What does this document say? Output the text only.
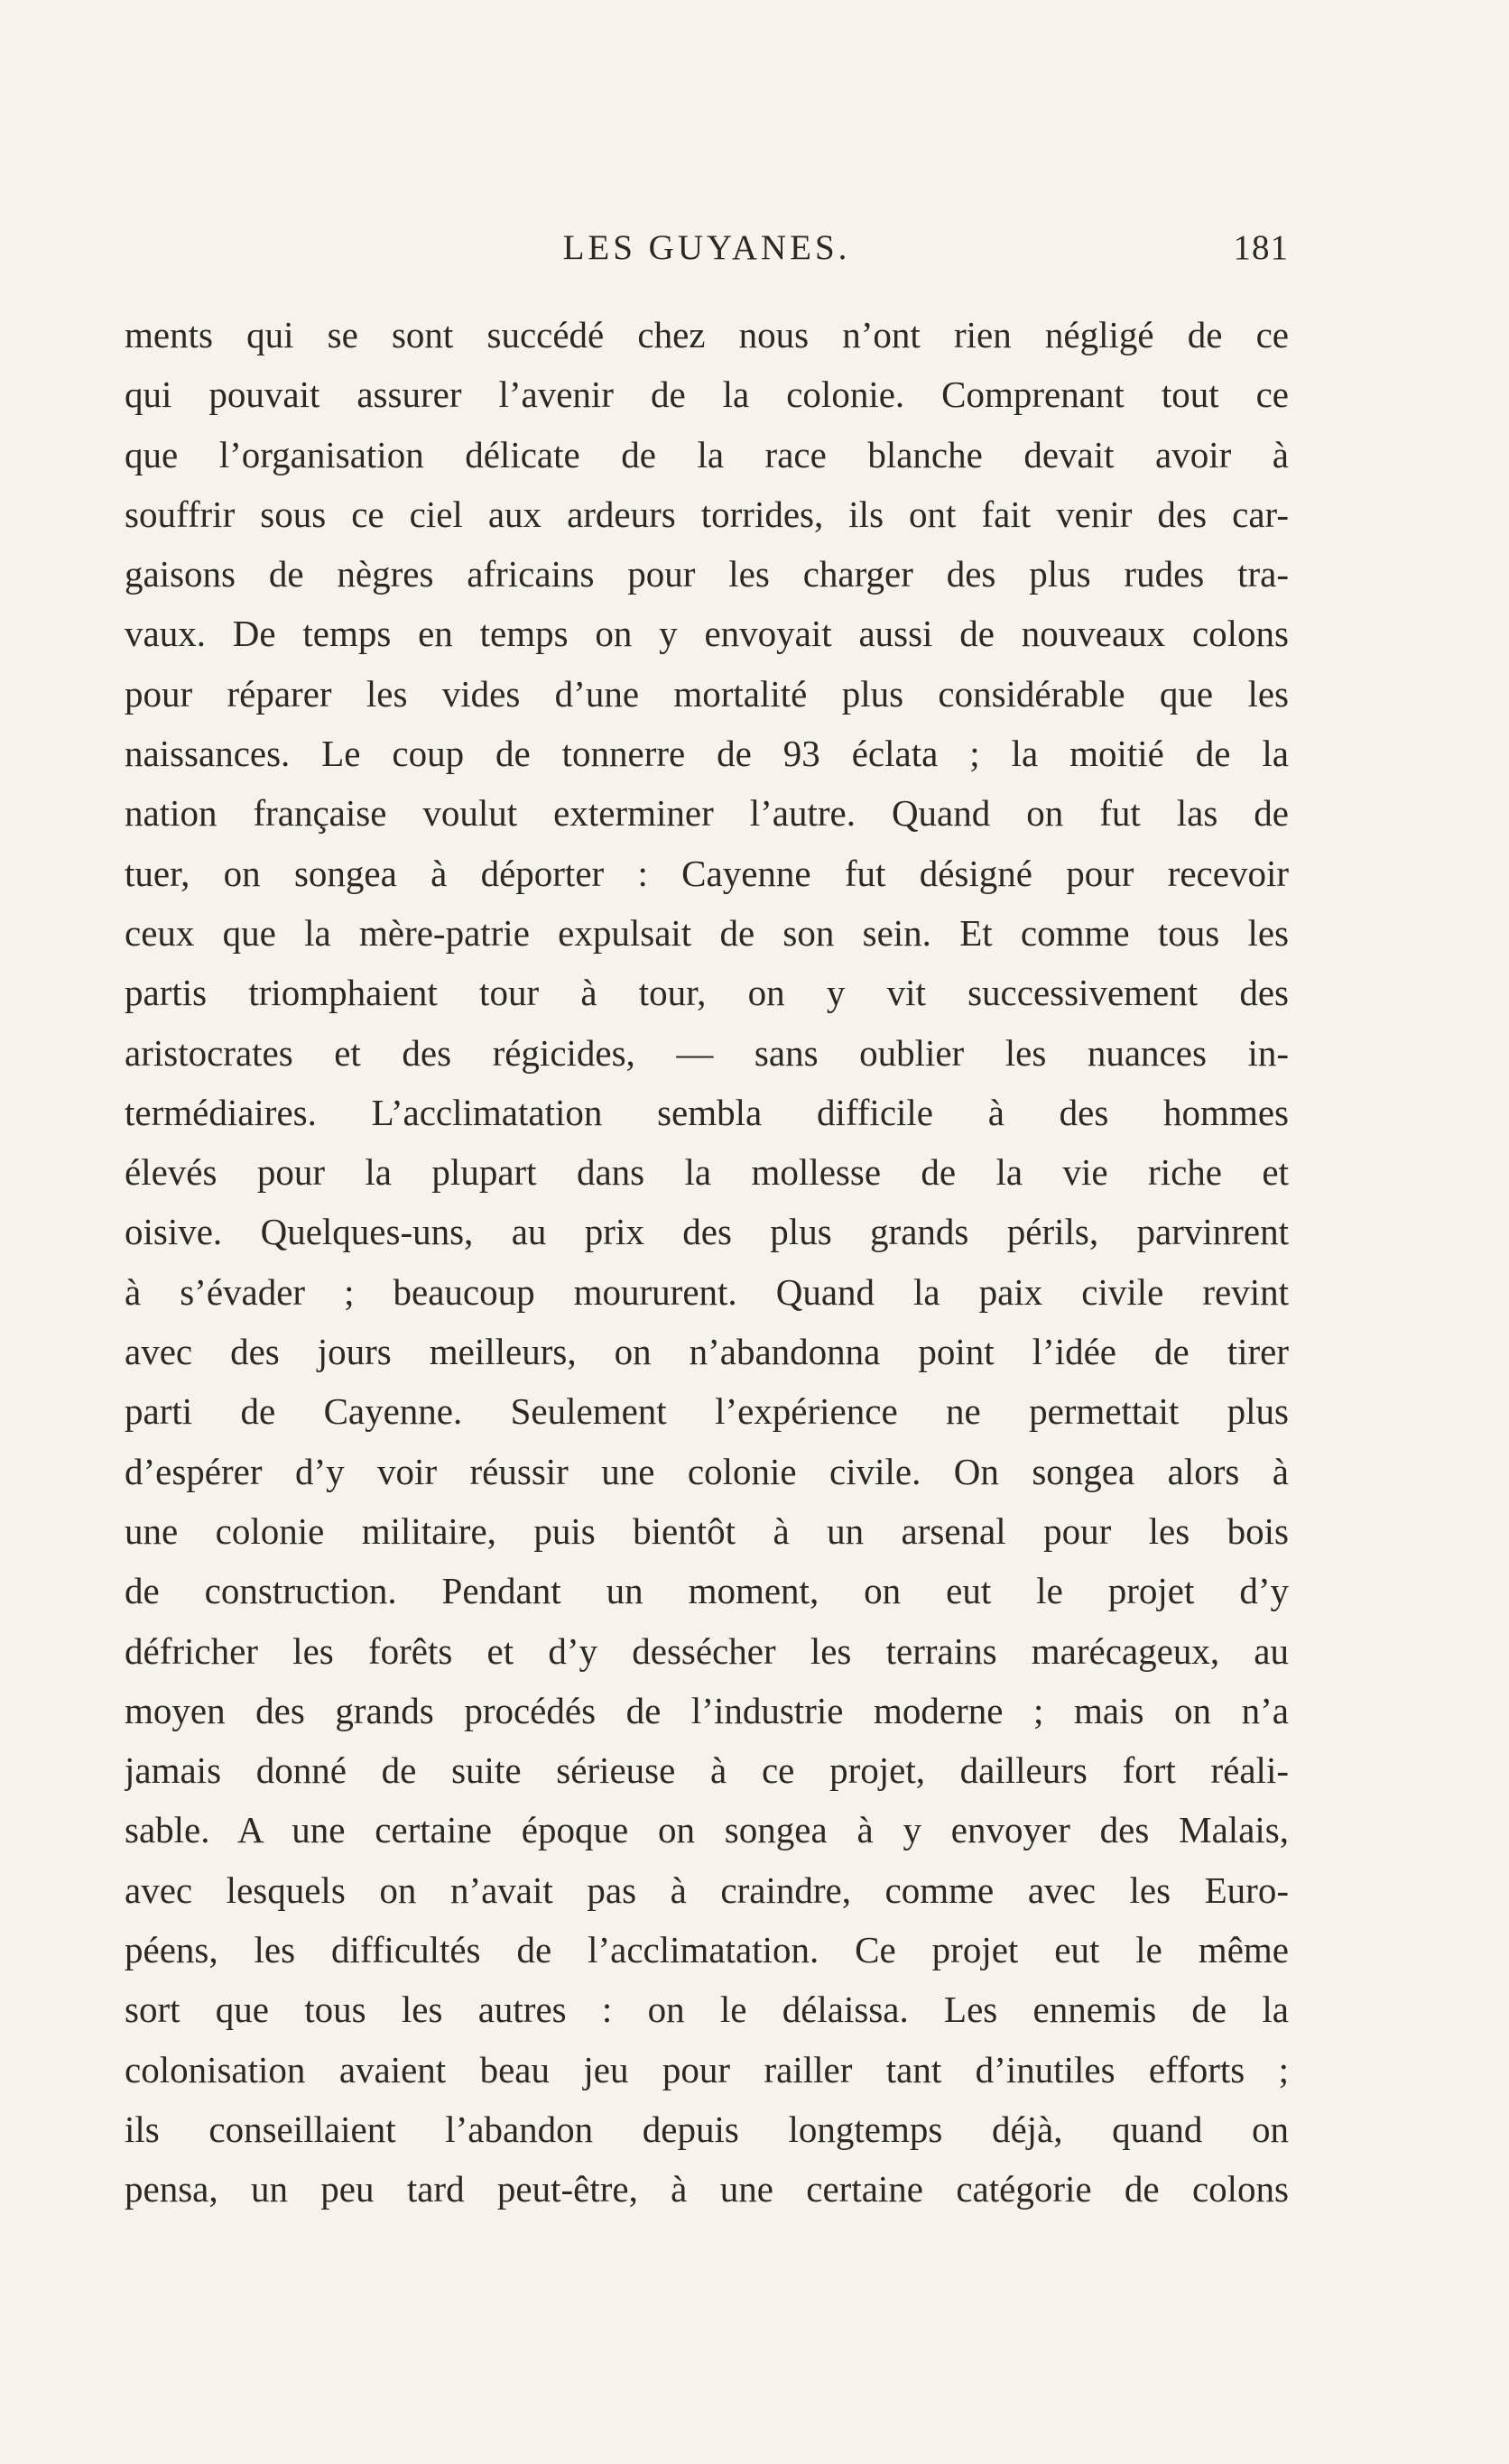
LES GUYANES.	181
ments qui se sont succédé chez nous n’ont rien négligé de ce
qui pouvait assurer l’avenir de la colonie. Comprenant tout ce
que l’organisation délicate de la race blanche devait avoir à
souffrir sous ce ciel aux ardeurs torrides, ils ont fait venir des car-
gaisons de nègres africains pour les charger des plus rudes tra-
vaux. De temps en temps on y envoyait aussi de nouveaux colons
pour réparer les vides d’une mortalité plus considérable que les
naissances. Le coup de tonnerre de 93 éclata ; la moitié de la
nation française voulut exterminer l’autre. Quand on fut las de
tuer, on songea à déporter : Cayenne fut désigné pour recevoir
ceux que la mère-patrie expulsait de son sein. Et comme tous les
partis triomphaient tour à tour, on y vit successivement des
aristocrates et des régicides, — sans oublier les nuances in-
termédiaires. L’acclimatation sembla difficile à des hommes
élevés pour la plupart dans la mollesse de la vie riche et
oisive. Quelques-uns, au prix des plus grands périls, parvinrent
à s’évader ; beaucoup moururent. Quand la paix civile revint
avec des jours meilleurs, on n’abandonna point l’idée de tirer
parti de Cayenne. Seulement l’expérience ne permettait plus
d’espérer d’y voir réussir une colonie civile. On songea alors à
une colonie militaire, puis bientôt à un arsenal pour les bois
de construction. Pendant un moment, on eut le projet d’y
défricher les forêts et d’y dessécher les terrains marécageux, au
moyen des grands procédés de l’industrie moderne ; mais on n’a
jamais donné de suite sérieuse à ce projet, dailleurs fort réali-
sable. A une certaine époque on songea à y envoyer des Malais,
avec lesquels on n’avait pas à craindre, comme avec les Euro-
péens, les difficultés de l’acclimatation. Ce projet eut le même
sort que tous les autres : on le délaissa. Les ennemis de la
colonisation avaient beau jeu pour railler tant d’inutiles efforts ;
ils conseillaient l’abandon depuis longtemps déjà, quand on
pensa, un peu tard peut-être, à une certaine catégorie de colons
